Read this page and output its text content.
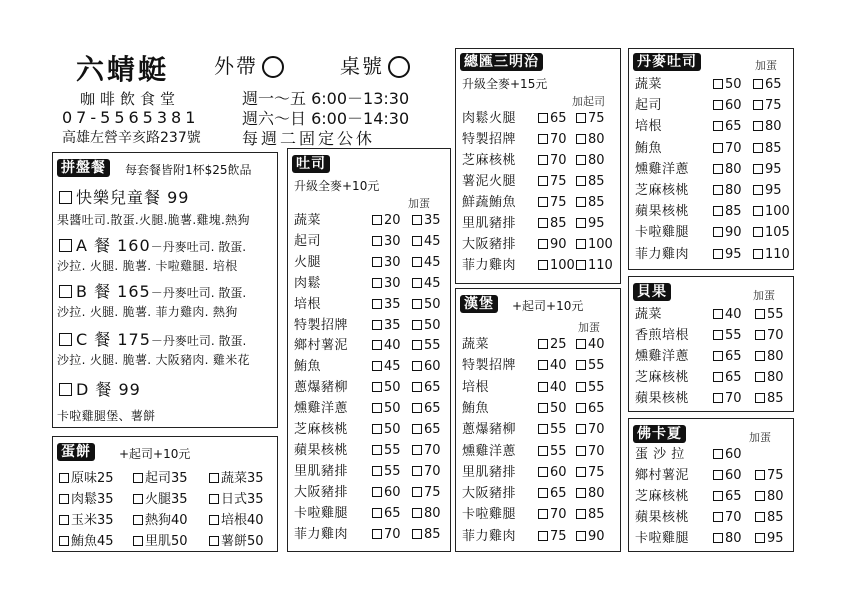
六蜻蜓 外帶	桌號
咖啡飲食堂
07-5565381
高雄左營辛亥路237號
週一～五 6:00－13:30
週六～日 6:00－14:30
每週二固定公休
拼盤餐	每套餐皆附1杯$25飲品
快樂兒童餐 99
果醬吐司.散蛋.火腿.脆薯.雞塊.熱狗
A 餐 160－丹麥吐司. 散蛋.
沙拉. 火腿. 脆薯. 卡啦雞腿. 培根
B 餐 165－丹麥吐司. 散蛋.
沙拉. 火腿. 脆薯. 菲力雞肉. 熱狗
C 餐 175－丹麥吐司. 散蛋.
沙拉. 火腿. 脆薯. 大阪豬肉. 雞米花
D 餐 99
卡啦雞腿堡、薯餅
蛋餅	+起司+10元
原味25	起司35	蔬菜35
肉鬆35	火腿35	日式35
玉米35	熱狗40	培根40
鮪魚45	里肌50	薯餅50
吐司
升級全麥+10元
加蛋
蔬菜	20	35
起司	30	45
火腿	30	45
肉鬆	30	45
培根	35	50
特製招牌	35	50
鄉村薯泥	40	55
鮪魚	45	60
蔥爆豬柳	50	65
燻雞洋蔥	50	65
芝麻核桃	50	65
蘋果核桃	55	70
里肌豬排	55	70
大阪豬排	60	75
卡啦雞腿	65	80
菲力雞肉	70	85
總匯三明治
升級全麥+15元
加起司
肉鬆火腿	65	75
特製招牌	70	80
芝麻核桃	70	80
薯泥火腿	75	85
鮮蔬鮪魚	75	85
里肌豬排	85	95
大阪豬排	90	100
菲力雞肉	100	110
漢堡	+起司+10元
加蛋
蔬菜	25	40
特製招牌	40	55
培根	40	55
鮪魚	50	65
蔥爆豬柳	55	70
燻雞洋蔥	55	70
里肌豬排	60	75
大阪豬排	65	80
卡啦雞腿	70	85
菲力雞肉	75	90
丹麥吐司	加蛋
蔬菜	50	65
起司	60	75
培根	65	80
鮪魚	70	85
燻雞洋蔥	80	95
芝麻核桃	80	95
蘋果核桃	85	100
卡啦雞腿	90	105
菲力雞肉	95	110
貝果	加蛋
蔬菜	40	55
香煎培根	55	70
燻雞洋蔥	65	80
芝麻核桃	65	80
蘋果核桃	70	85
佛卡夏	加蛋
蛋 沙 拉	60
鄉村薯泥	60	75
芝麻核桃	65	80
蘋果核桃	70	85
卡啦雞腿	80	95
